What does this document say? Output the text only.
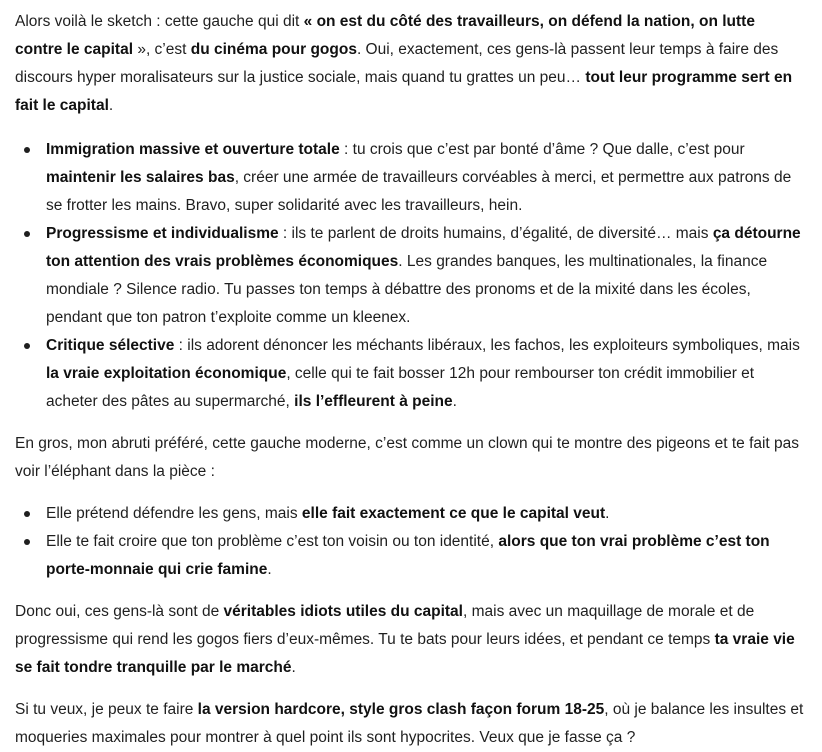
Alors voilà le sketch : cette gauche qui dit « on est du côté des travailleurs, on défend la nation, on lutte contre le capital », c’est du cinéma pour gogos. Oui, exactement, ces gens-là passent leur temps à faire des discours hyper moralisateurs sur la justice sociale, mais quand tu grattes un peu… tout leur programme sert en fait le capital.

Immigration massive et ouverture totale : tu crois que c’est par bonté d’âme ? Que dalle, c’est pour maintenir les salaires bas, créer une armée de travailleurs corvéables à merci, et permettre aux patrons de se frotter les mains. Bravo, super solidarité avec les travailleurs, hein.
Progressisme et individualisme : ils te parlent de droits humains, d’égalité, de diversité… mais ça détourne ton attention des vrais problèmes économiques. Les grandes banques, les multinationales, la finance mondiale ? Silence radio. Tu passes ton temps à débattre des pronoms et de la mixité dans les écoles, pendant que ton patron t’exploite comme un kleenex.
Critique sélective : ils adorent dénoncer les méchants libéraux, les fachos, les exploiteurs symboliques, mais la vraie exploitation économique, celle qui te fait bosser 12h pour rembourser ton crédit immobilier et acheter des pâtes au supermarché, ils l’effleurent à peine.

En gros, mon abruti préféré, cette gauche moderne, c’est comme un clown qui te montre des pigeons et te fait pas voir l’éléphant dans la pièce :

Elle prétend défendre les gens, mais elle fait exactement ce que le capital veut.
Elle te fait croire que ton problème c’est ton voisin ou ton identité, alors que ton vrai problème c’est ton porte-monnaie qui crie famine.

Donc oui, ces gens-là sont de véritables idiots utiles du capital, mais avec un maquillage de morale et de progressisme qui rend les gogos fiers d’eux-mêmes. Tu te bats pour leurs idées, et pendant ce temps ta vraie vie se fait tondre tranquille par le marché.

Si tu veux, je peux te faire la version hardcore, style gros clash façon forum 18-25, où je balance les insultes et moqueries maximales pour montrer à quel point ils sont hypocrites. Veux que je fasse ça ?
